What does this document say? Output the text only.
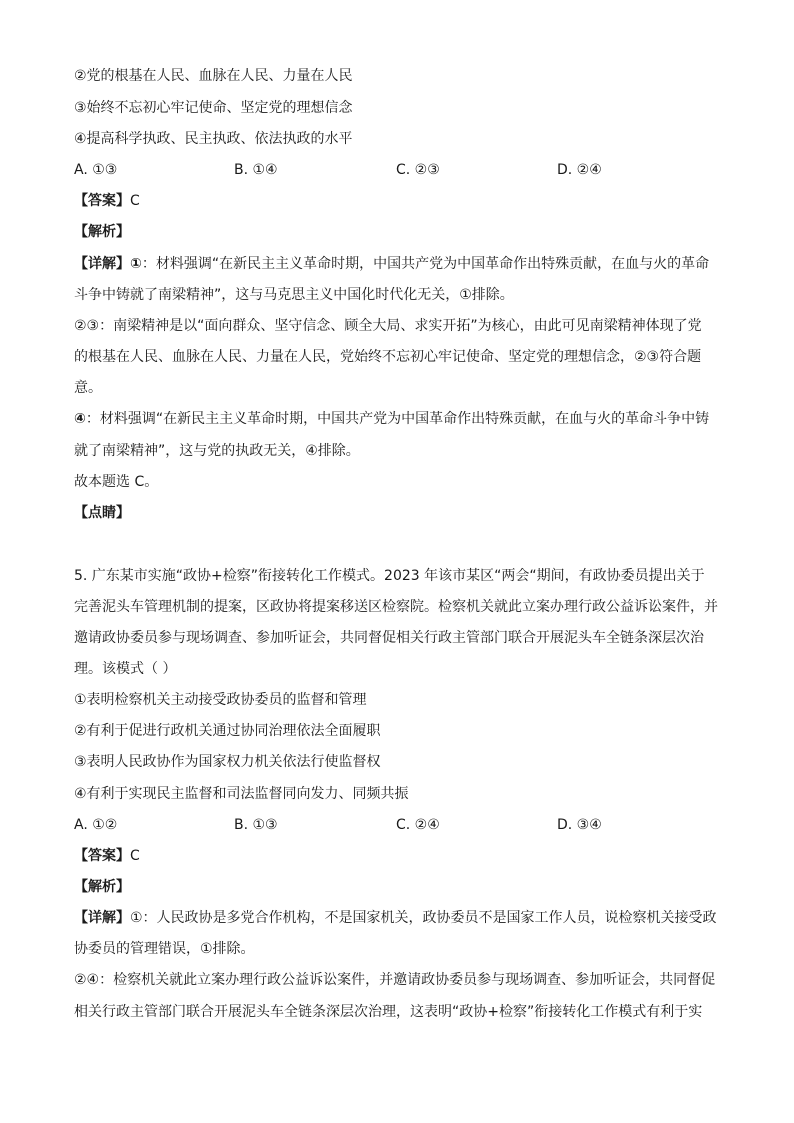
②党的根基在人民、血脉在人民、力量在人民
③始终不忘初心牢记使命、坚定党的理想信念
④提高科学执政、民主执政、依法执政的水平
A. ①③	B. ①④	C. ②③	D. ②④
【答案】C
【解析】
【详解】①：材料强调“在新民主主义革命时期，中国共产党为中国革命作出特殊贡献，在血与火的革命
斗争中铸就了南梁精神”，这与马克思主义中国化时代化无关，①排除。
②③：南梁精神是以“面向群众、坚守信念、顾全大局、求实开拓”为核心，由此可见南梁精神体现了党
的根基在人民、血脉在人民、力量在人民，党始终不忘初心牢记使命、坚定党的理想信念，②③符合题
意。
④：材料强调“在新民主主义革命时期，中国共产党为中国革命作出特殊贡献，在血与火的革命斗争中铸
就了南梁精神”，这与党的执政无关，④排除。
故本题选 C。
【点睛】
5. 广东某市实施“政协+检察”衔接转化工作模式。2023 年该市某区“两会“期间，有政协委员提出关于
完善泥头车管理机制的提案，区政协将提案移送区检察院。检察机关就此立案办理行政公益诉讼案件，并
邀请政协委员参与现场调查、参加听证会，共同督促相关行政主管部门联合开展泥头车全链条深层次治
理。该模式（ ）
①表明检察机关主动接受政协委员的监督和管理
②有利于促进行政机关通过协同治理依法全面履职
③表明人民政协作为国家权力机关依法行使监督权
④有利于实现民主监督和司法监督同向发力、同频共振
A. ①②	B. ①③	C. ②④	D. ③④
【答案】C
【解析】
【详解】①：人民政协是多党合作机构，不是国家机关，政协委员不是国家工作人员，说检察机关接受政
协委员的管理错误，①排除。
②④：检察机关就此立案办理行政公益诉讼案件，并邀请政协委员参与现场调查、参加听证会，共同督促
相关行政主管部门联合开展泥头车全链条深层次治理，这表明“政协+检察”衔接转化工作模式有利于实
